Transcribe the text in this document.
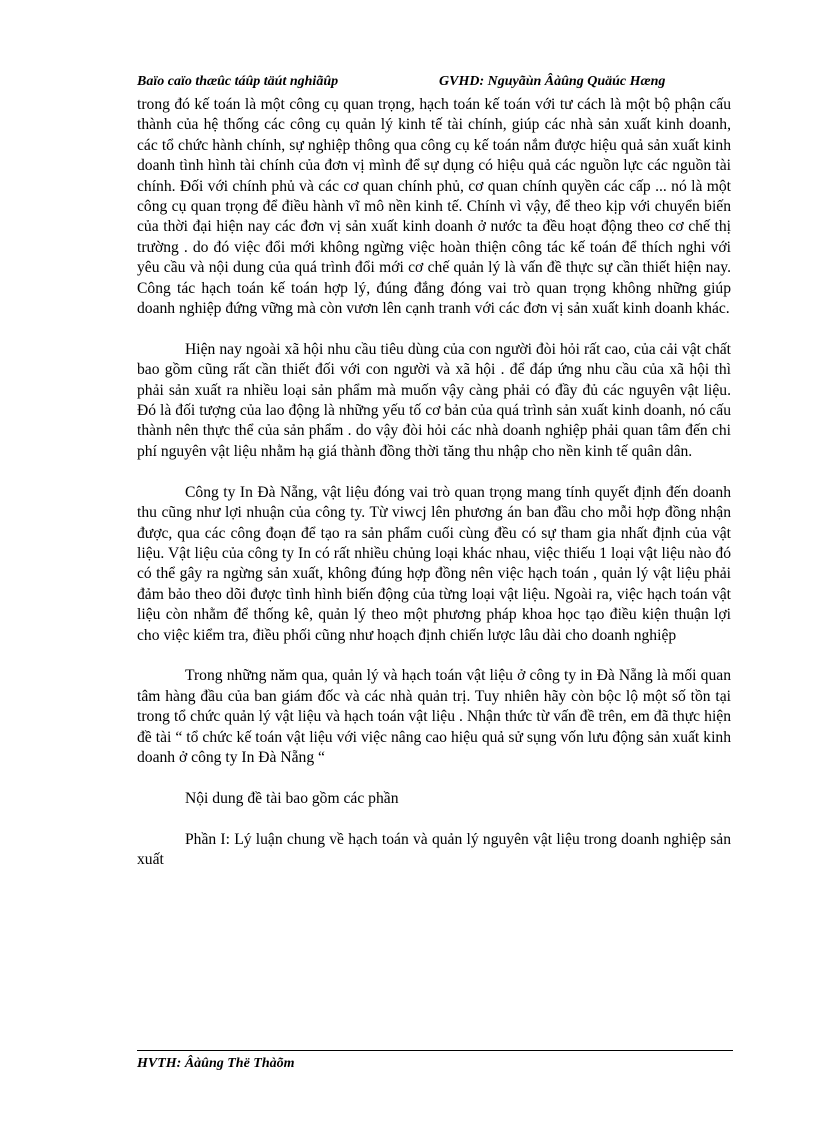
Baïo caïo thæûc táûp täút nghiãûp	GVHD: Nguyãùn Âàûng Quäúc Hæng

trong đó kế toán là một công cụ quan trọng, hạch toán kế toán với tư cách là một bộ phận cấu thành của hệ thống các công cụ quản lý kinh tế tài chính, giúp các nhà sản xuất kinh doanh, các tổ chức hành chính, sự nghiệp thông qua công cụ kế toán nắm được hiệu quả sản xuất kinh doanh tình hình tài chính của đơn vị mình để sự dụng có hiệu quả các nguồn lực các nguồn tài chính. Đối với chính phủ và các cơ quan chính phủ, cơ quan chính quyền các cấp ... nó là một công cụ quan trọng để điều hành vĩ mô nền kinh tế. Chính vì vậy, để theo kịp với chuyển biến của thời đại hiện nay các đơn vị sản xuất kinh doanh ở nước ta đều hoạt động theo cơ chế thị trường . do đó việc đổi mới không ngừng việc hoàn thiện công tác kế toán để thích nghi với yêu cầu và nội dung của quá trình đổi mới cơ chế quản lý là vấn đề thực sự cần thiết hiện nay. Công tác hạch toán kế toán hợp lý, đúng đắng đóng vai trò quan trọng không những giúp doanh nghiệp đứng vững mà còn vươn lên cạnh tranh với các đơn vị sản xuất kinh doanh khác.

Hiện nay ngoài xã hội nhu cầu tiêu dùng của con người đòi hỏi rất cao, của cải vật chất bao gồm cũng rất cần thiết đối với con người và xã hội . để đáp ứng nhu cầu của xã hội thì phải sản xuất ra nhiều loại sản phẩm mà muốn vậy càng phải có đầy đủ các nguyên vật liệu. Đó là đối tượng của lao động là những yếu tố cơ bản của quá trình sản xuất kinh doanh, nó cấu thành nên thực thể của sản phẩm . do vậy đòi hỏi các nhà doanh nghiệp phải quan tâm đến chi phí nguyên vật liệu nhằm hạ giá thành đồng thời tăng thu nhập cho nền kinh tế quân dân.

Công ty In Đà Nẵng, vật liệu đóng vai trò quan trọng mang tính quyết định đến doanh thu cũng như lợi nhuận của công ty. Từ viwcj lên phương án ban đầu cho mỗi hợp đồng nhận được, qua các công đoạn để tạo ra sản phẩm cuối cùng đều có sự tham gia nhất định của vật liệu. Vật liệu của công ty In có rất nhiều chủng loại khác nhau, việc thiếu 1 loại vật liệu nào đó có thể gây ra ngừng sản xuất, không đúng hợp đồng nên việc hạch toán , quản lý vật liệu phải đảm bảo theo dõi được tình hình biến động của từng loại vật liệu. Ngoài ra, việc hạch toán vật liệu còn nhằm để thống kê, quản lý theo một phương pháp khoa học tạo điều kiện thuận lợi cho việc kiểm tra, điều phối cũng như hoạch định chiến lược lâu dài cho doanh nghiệp

Trong những năm qua, quản lý và hạch toán vật liệu ở công ty in Đà Nẵng là mối quan tâm hàng đầu của ban giám đốc và các nhà quản trị. Tuy nhiên hãy còn bộc lộ một số tồn tại trong tổ chức quản lý vật liệu và hạch toán vật liệu . Nhận thức từ vấn đề trên, em đã thực hiện đề tài “ tổ chức kế toán vật liệu với việc nâng cao hiệu quả sử sụng vốn lưu động sản xuất kinh doanh ở công ty In Đà Nẵng “

Nội dung đề tài bao gồm các phần

Phần I: Lý luận chung về hạch toán và quản lý nguyên vật liệu trong doanh nghiệp sản xuất

HVTH: Âàûng Thë Thàõm
